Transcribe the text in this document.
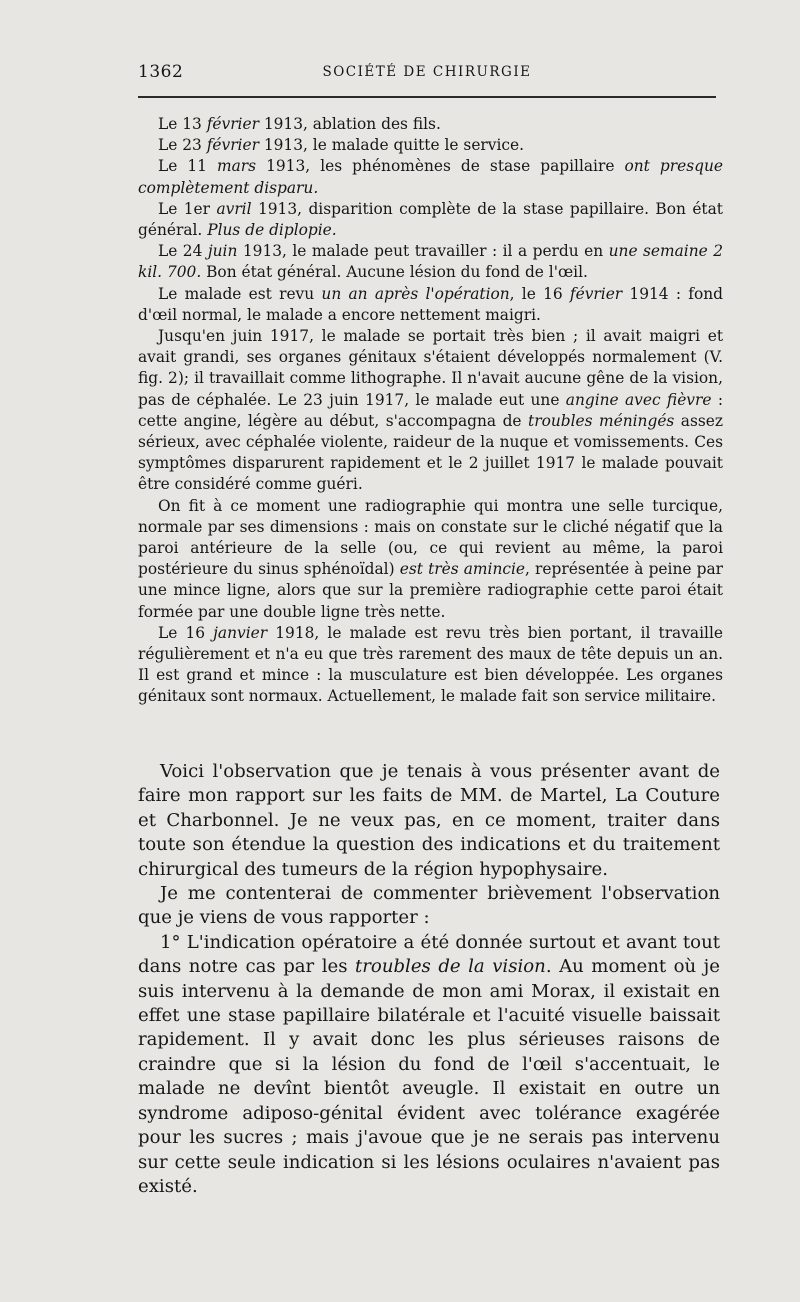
1362	SOCIÉTÉ DE CHIRURGIE

Le 13 février 1913, ablation des fils.

Le 23 février 1913, le malade quitte le service.

Le 11 mars 1913, les phénomènes de stase papillaire ont presque complètement disparu.

Le 1er avril 1913, disparition complète de la stase papillaire. Bon état général. Plus de diplopie.

Le 24 juin 1913, le malade peut travailler : il a perdu en une semaine 2 kil. 700. Bon état général. Aucune lésion du fond de l'œil.

Le malade est revu un an après l'opération, le 16 février 1914 : fond d'œil normal, le malade a encore nettement maigri.

Jusqu'en juin 1917, le malade se portait très bien ; il avait maigri et avait grandi, ses organes génitaux s'étaient développés normalement (V. fig. 2); il travaillait comme lithographe. Il n'avait aucune gêne de la vision, pas de céphalée. Le 23 juin 1917, le malade eut une angine avec fièvre : cette angine, légère au début, s'accompagna de troubles méningés assez sérieux, avec céphalée violente, raideur de la nuque et vomissements. Ces symptômes disparurent rapidement et le 2 juillet 1917 le malade pouvait être considéré comme guéri.

On fit à ce moment une radiographie qui montra une selle turcique, normale par ses dimensions : mais on constate sur le cliché négatif que la paroi antérieure de la selle (ou, ce qui revient au même, la paroi postérieure du sinus sphénoïdal) est très amincie, représentée à peine par une mince ligne, alors que sur la première radiographie cette paroi était formée par une double ligne très nette.

Le 16 janvier 1918, le malade est revu très bien portant, il travaille régulièrement et n'a eu que très rarement des maux de tête depuis un an. Il est grand et mince : la musculature est bien développée. Les organes génitaux sont normaux. Actuellement, le malade fait son service militaire.

Voici l'observation que je tenais à vous présenter avant de faire mon rapport sur les faits de MM. de Martel, La Couture et Charbonnel. Je ne veux pas, en ce moment, traiter dans toute son étendue la question des indications et du traitement chirurgical des tumeurs de la région hypophysaire.

Je me contenterai de commenter brièvement l'observation que je viens de vous rapporter :

1° L'indication opératoire a été donnée surtout et avant tout dans notre cas par les troubles de la vision. Au moment où je suis intervenu à la demande de mon ami Morax, il existait en effet une stase papillaire bilatérale et l'acuité visuelle baissait rapidement. Il y avait donc les plus sérieuses raisons de craindre que si la lésion du fond de l'œil s'accentuait, le malade ne devînt bientôt aveugle. Il existait en outre un syndrome adiposo-génital évident avec tolérance exagérée pour les sucres ; mais j'avoue que je ne serais pas intervenu sur cette seule indication si les lésions oculaires n'avaient pas existé.
